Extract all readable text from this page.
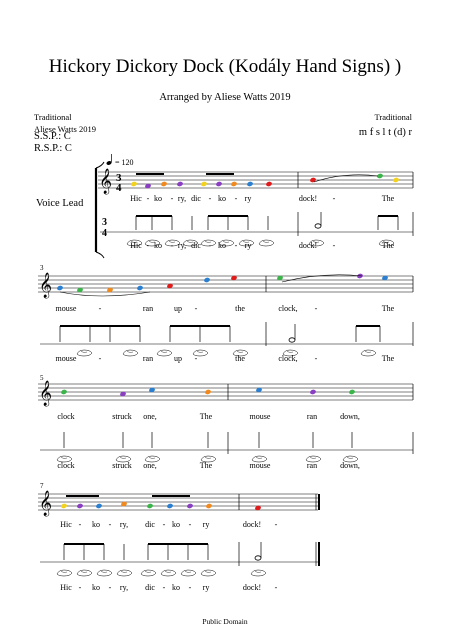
Hickory Dickory Dock (Kodály Hand Signs) )
Arranged by Aliese Watts 2019
Traditional	Traditional
Aliese Watts 2019
S.S.P.: C
R.S.P.: C
m f s l t (d) r
Voice Lead
Public Domain
= 120
𝄞
𝄞
𝄞
𝄞
3
4
3
4
3
5
7
Hic - ko - ry, dic - ko - ry	dock! -	The
Hic - ko - ry, dic - ko - ry	dock! -	The
mouse	-	ran	up -	the	clock, -	The
mouse	-	ran	up -	the	clock, -	The
clock	struck one,	The	mouse	ran	down,
clock	struck one,	The	mouse	ran	down,
Hic - ko - ry, dic - ko - ry	dock! -
Hic - ko - ry, dic - ko - ry	dock! -
